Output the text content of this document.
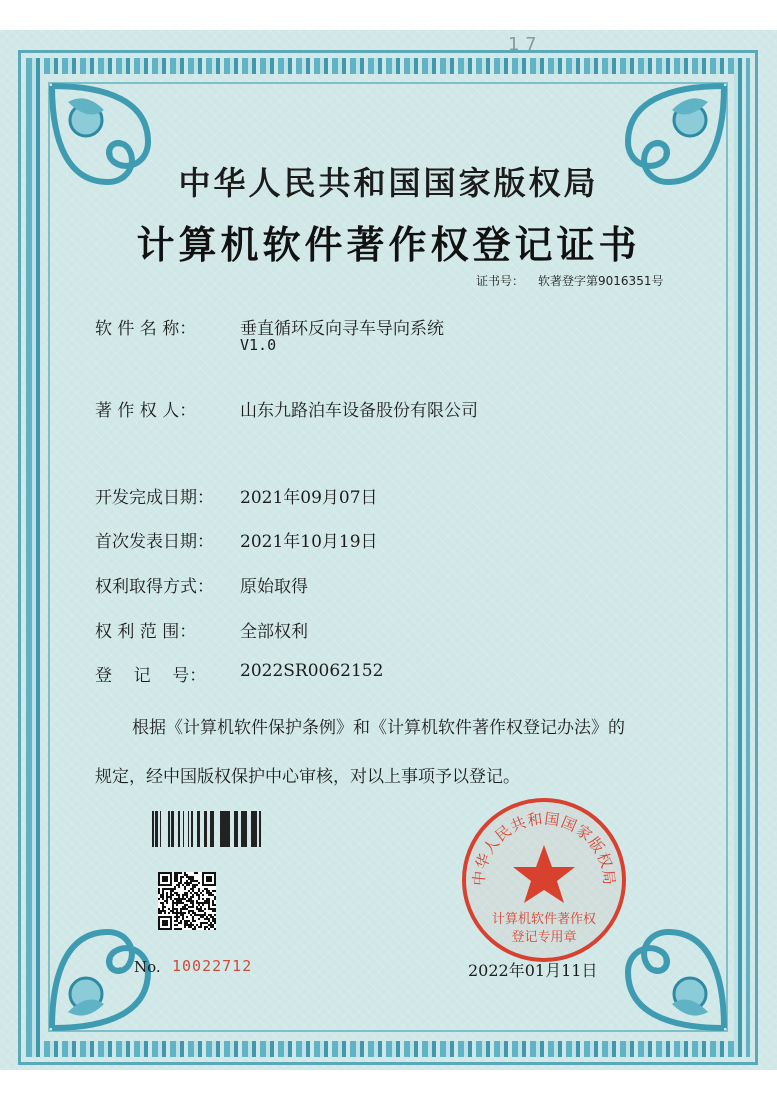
1 7
中华人民共和国国家版权局
计算机软件著作权登记证书
证书号： 软著登字第9016351号
软 件 名 称：	垂直循环反向寻车导向系统
V1.0
著 作 权 人：	山东九路泊车设备股份有限公司
开发完成日期： 2021年09月07日
首次发表日期： 2021年10月19日
权利取得方式： 原始取得
权 利 范 围：	全部权利
登    记    号： 2022SR0062152
根据《计算机软件保护条例》和《计算机软件著作权登记办法》的
规定，经中国版权保护中心审核，对以上事项予以登记。
No. 10022712
中华人民共和国国家版权局
计算机软件著作权
登记专用章
2022年01月11日
